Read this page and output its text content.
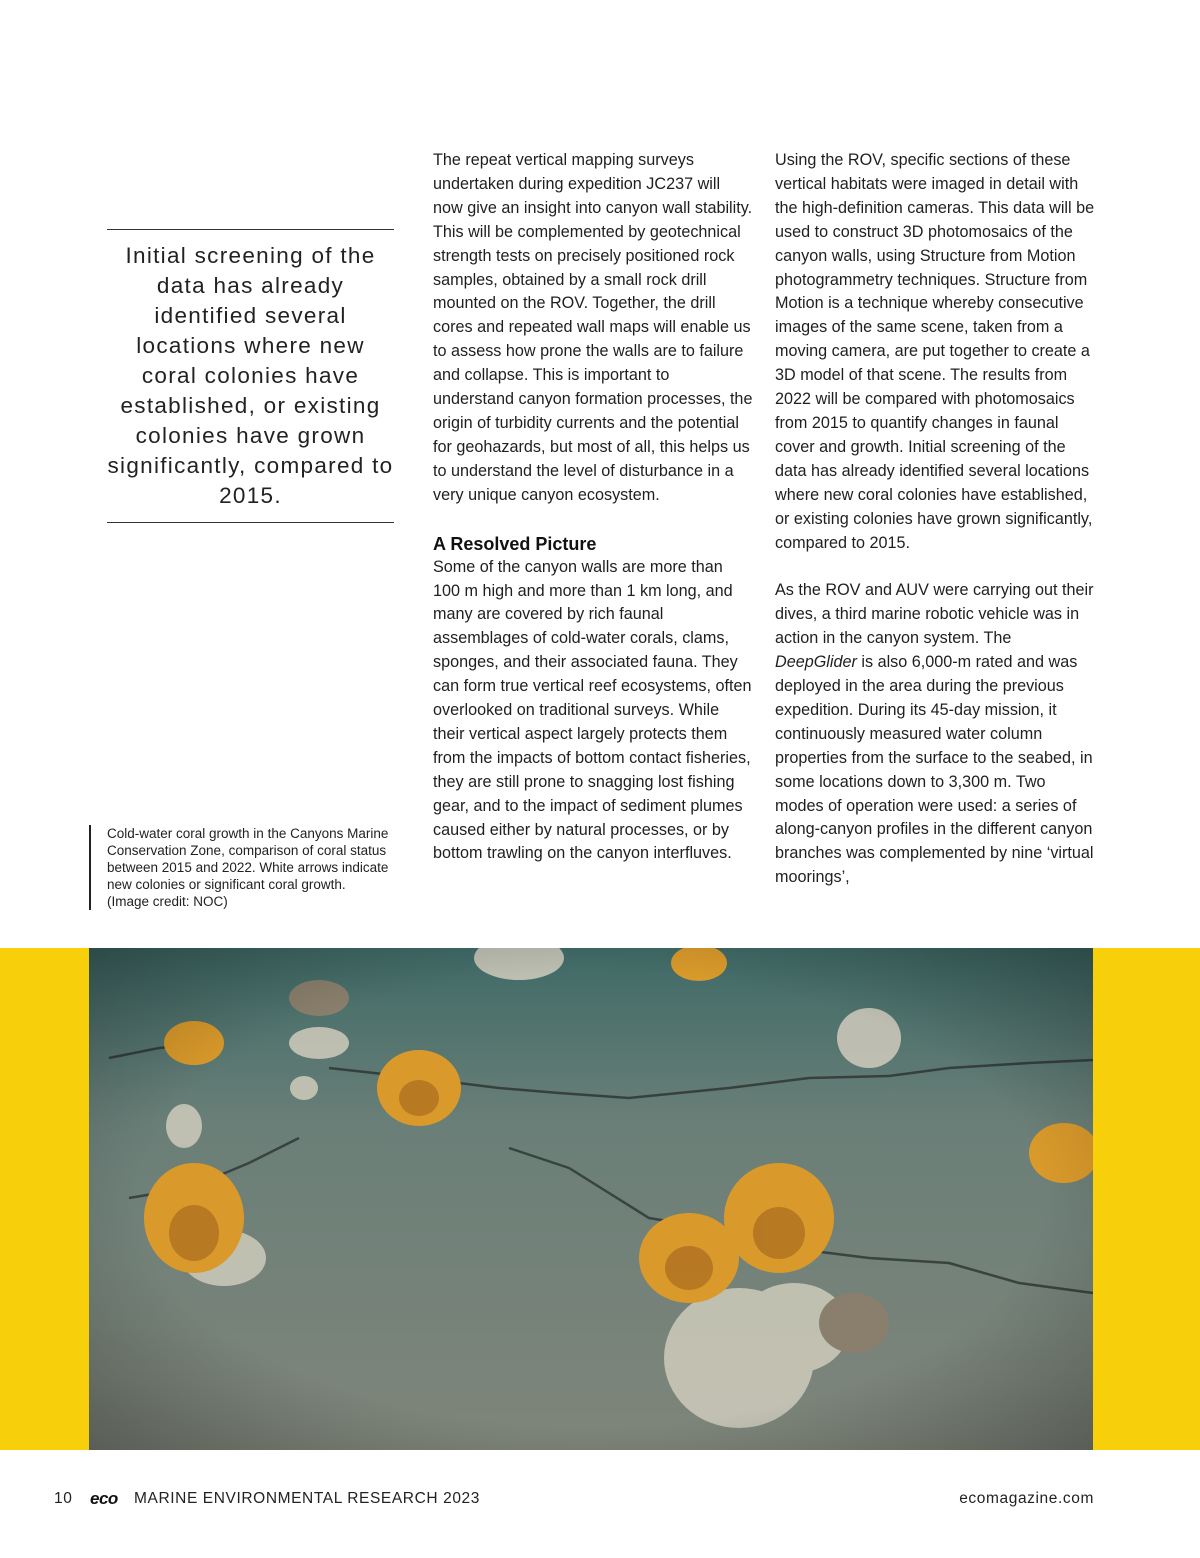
Initial screening of the data has already identified several locations where new coral colonies have established, or existing colonies have grown significantly, compared to 2015.

Cold-water coral growth in the Canyons Marine Conservation Zone, comparison of coral status between 2015 and 2022. White arrows indicate new colonies or significant coral growth. (Image credit: NOC)

The repeat vertical mapping surveys undertaken during expedition JC237 will now give an insight into canyon wall stability. This will be complemented by geotechnical strength tests on precisely positioned rock samples, obtained by a small rock drill mounted on the ROV. Together, the drill cores and repeated wall maps will enable us to assess how prone the walls are to failure and collapse. This is important to understand canyon formation processes, the origin of turbidity currents and the potential for geohazards, but most of all, this helps us to understand the level of disturbance in a very unique canyon ecosystem.

A Resolved Picture

Some of the canyon walls are more than 100 m high and more than 1 km long, and many are covered by rich faunal assemblages of cold-water corals, clams, sponges, and their associated fauna. They can form true vertical reef ecosystems, often overlooked on traditional surveys. While their vertical aspect largely protects them from the impacts of bottom contact fisheries, they are still prone to snagging lost fishing gear, and to the impact of sediment plumes caused either by natural processes, or by bottom trawling on the canyon interfluves.

Using the ROV, specific sections of these vertical habitats were imaged in detail with the high-definition cameras. This data will be used to construct 3D photomosaics of the canyon walls, using Structure from Motion photogrammetry techniques. Structure from Motion is a technique whereby consecutive images of the same scene, taken from a moving camera, are put together to create a 3D model of that scene. The results from 2022 will be compared with photomosaics from 2015 to quantify changes in faunal cover and growth. Initial screening of the data has already identified several locations where new coral colonies have established, or existing colonies have grown significantly, compared to 2015.

As the ROV and AUV were carrying out their dives, a third marine robotic vehicle was in action in the canyon system. The DeepGlider is also 6,000-m rated and was deployed in the area during the previous expedition. During its 45-day mission, it continuously measured water column properties from the surface to the seabed, in some locations down to 3,300 m. Two modes of operation were used: a series of along-canyon profiles in the different canyon branches was complemented by nine ‘virtual moorings’,

10 eco MARINE ENVIRONMENTAL RESEARCH 2023	ecomagazine.com
